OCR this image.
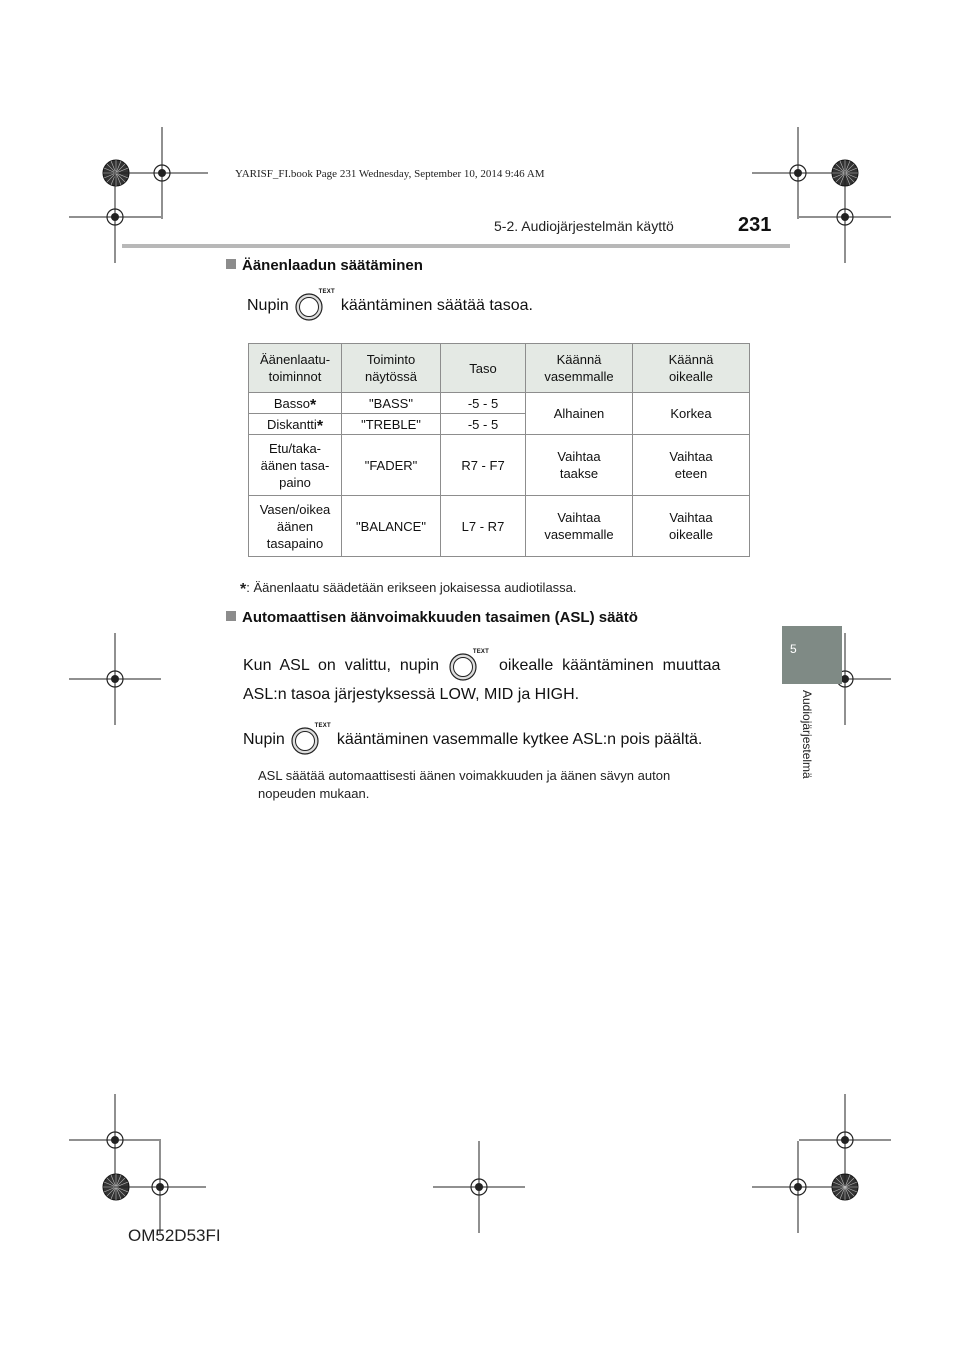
YARISF_FI.book Page 231 Wednesday, September 10, 2014 9:46 AM
5-2. Audiojärjestelmän käyttö	231
5
Audiojärjestelmä
Äänenlaadun säätäminen
Nupin
TEXT
kääntäminen säätää tasoa.
Äänenlaatu-
toiminnot	Toiminto
näytössä	Taso	Käännä
vasemmalle	Käännä
oikealle
Basso*	"BASS"	-5 - 5	Alhainen	Korkea
Diskantti*	"TREBLE"	-5 - 5		
Etu/taka-
äänen tasa-
paino	"FADER"	R7 - F7	Vaihtaa
taakse	Vaihtaa
eteen
Vasen/oikea
äänen
tasapaino	"BALANCE"	L7 - R7	Vaihtaa
vasemmalle	Vaihtaa
oikealle
*: Äänenlaatu säädetään erikseen jokaisessa audiotilassa.
Automaattisen äänvoimakkuuden tasaimen (ASL) säätö
Kun  ASL  on  valittu,  nupin
TEXT
oikealle  kääntäminen  muuttaa
ASL:n tasoa järjestyksessä LOW, MID ja HIGH.
Nupin
TEXT
kääntäminen vasemmalle kytkee ASL:n pois päältä.
ASL säätää automaattisesti äänen voimakkuuden ja äänen sävyn auton
nopeuden mukaan.
OM52D53FI
